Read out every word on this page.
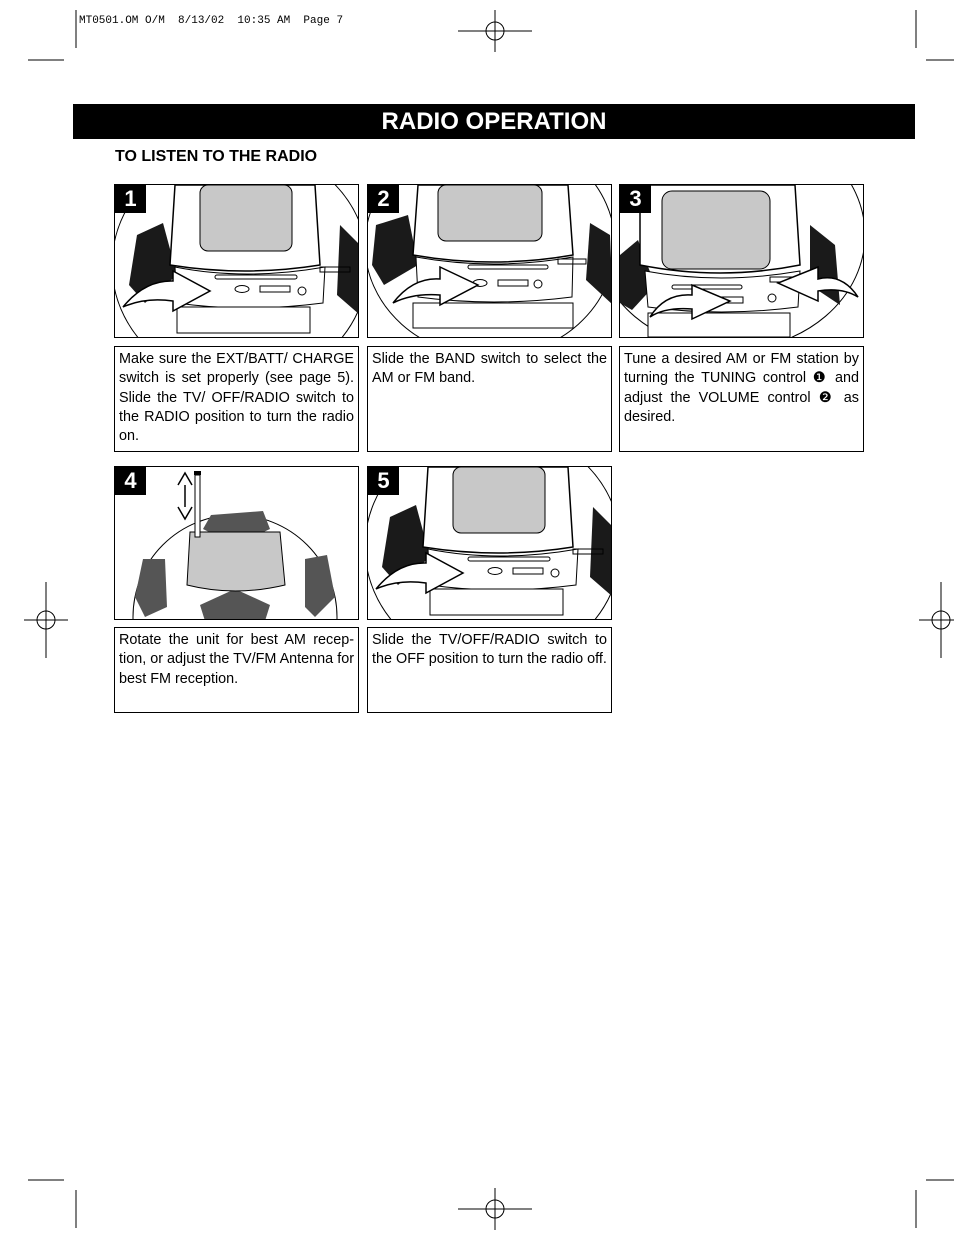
MT0501.OM O/M  8/13/02  10:35 AM  Page 7
RADIO OPERATION
TO LISTEN TO THE RADIO
1	2	3
Make sure the EXT/BATT/ CHARGE switch is set properly (see page 5). Slide the TV/ OFF/RADIO switch to the RADIO position to turn the radio on.
Slide the BAND switch to select the AM or FM band.
Tune a desired AM or FM station by turning the TUNING control ❶ and adjust the VOLUME control ❷ as desired.
4	5
Rotate the unit for best AM recep- tion, or adjust the TV/FM Antenna for best FM reception.
Slide the TV/OFF/RADIO switch to the OFF position to turn the radio off.
